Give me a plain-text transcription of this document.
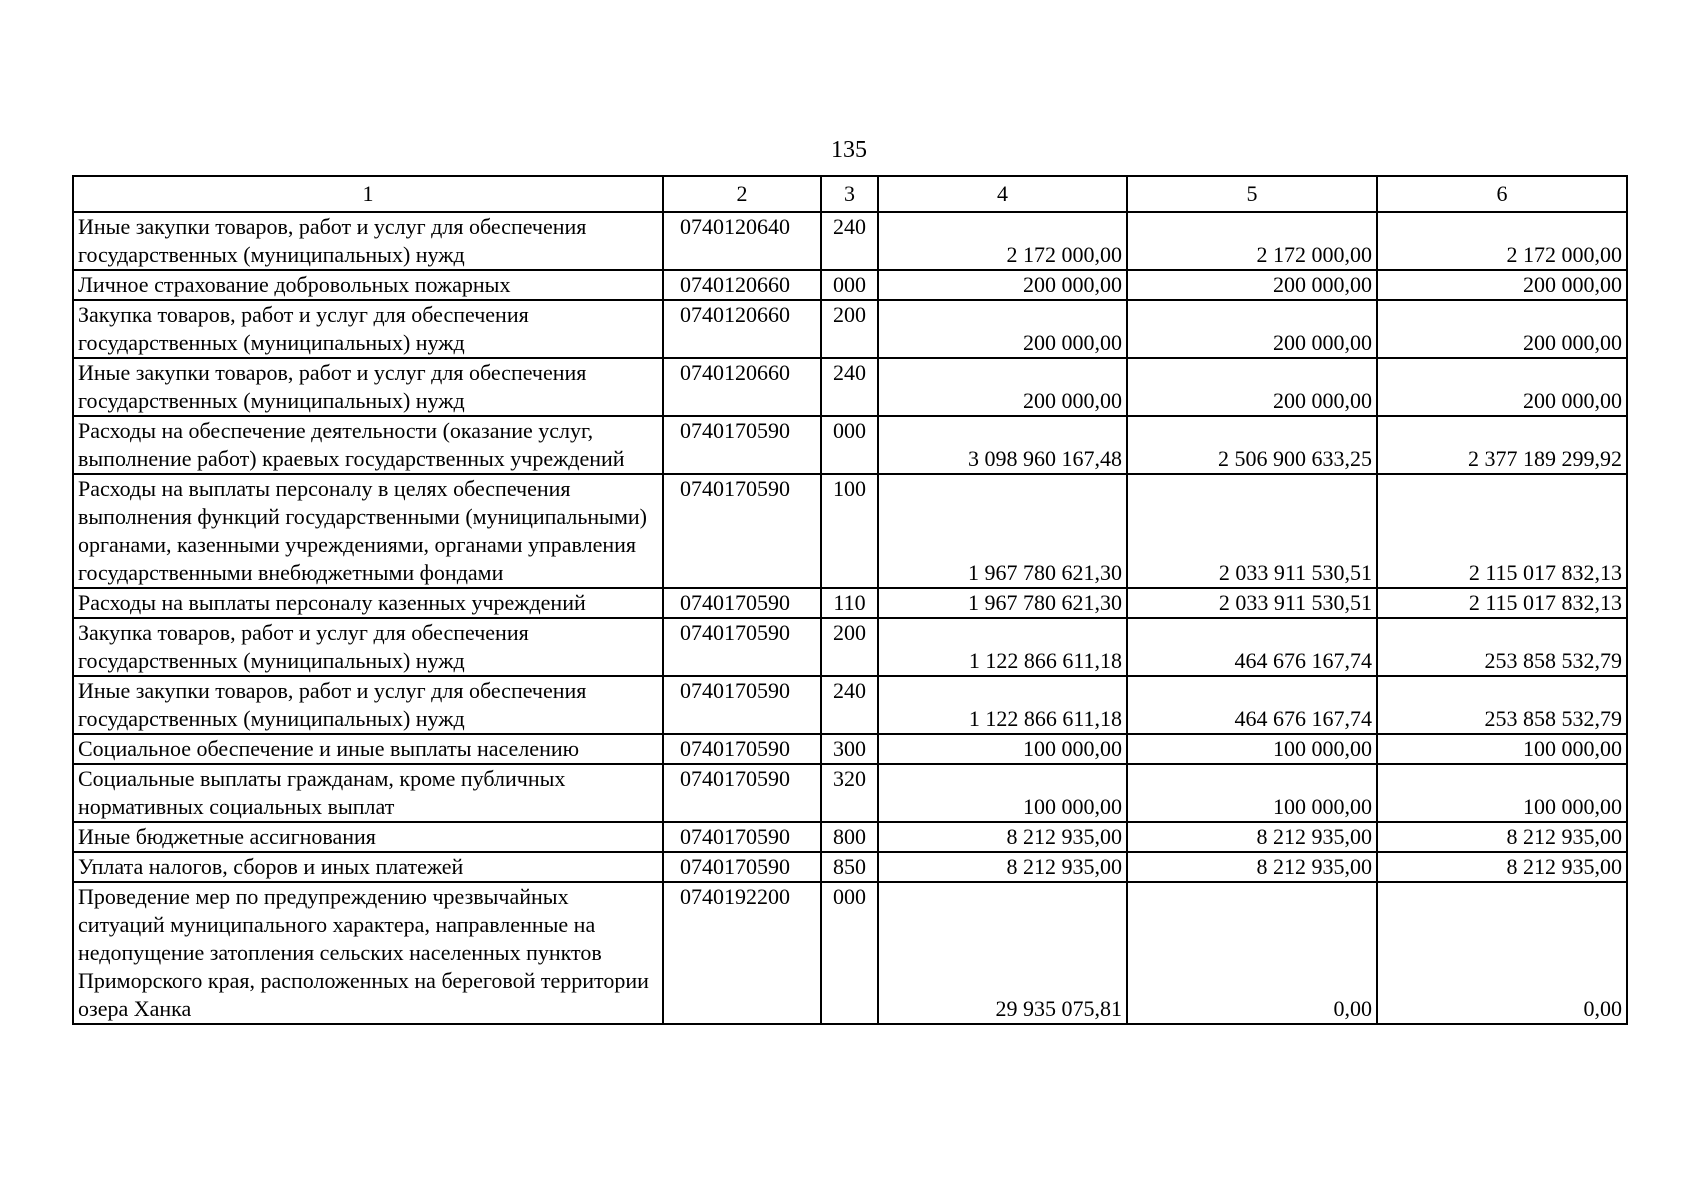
135
1	2	3	4	5	6
Иные закупки товаров, работ и услуг для обеспечения государственных (муниципальных) нужд	0740120640	240	2 172 000,00	2 172 000,00	2 172 000,00
Личное страхование добровольных пожарных	0740120660	000	200 000,00	200 000,00	200 000,00
Закупка товаров, работ и услуг для обеспечения государственных (муниципальных) нужд	0740120660	200	200 000,00	200 000,00	200 000,00
Иные закупки товаров, работ и услуг для обеспечения государственных (муниципальных) нужд	0740120660	240	200 000,00	200 000,00	200 000,00
Расходы на обеспечение деятельности (оказание услуг, выполнение работ) краевых государственных учреждений	0740170590	000	3 098 960 167,48	2 506 900 633,25	2 377 189 299,92
Расходы на выплаты персоналу в целях обеспечения выполнения функций государственными (муниципальными) органами, казенными учреждениями, органами управления государственными внебюджетными фондами	0740170590	100	1 967 780 621,30	2 033 911 530,51	2 115 017 832,13
Расходы на выплаты персоналу казенных учреждений	0740170590	110	1 967 780 621,30	2 033 911 530,51	2 115 017 832,13
Закупка товаров, работ и услуг для обеспечения государственных (муниципальных) нужд	0740170590	200	1 122 866 611,18	464 676 167,74	253 858 532,79
Иные закупки товаров, работ и услуг для обеспечения государственных (муниципальных) нужд	0740170590	240	1 122 866 611,18	464 676 167,74	253 858 532,79
Социальное обеспечение и иные выплаты населению	0740170590	300	100 000,00	100 000,00	100 000,00
Социальные выплаты гражданам, кроме публичных нормативных социальных выплат	0740170590	320	100 000,00	100 000,00	100 000,00
Иные бюджетные ассигнования	0740170590	800	8 212 935,00	8 212 935,00	8 212 935,00
Уплата налогов, сборов и иных платежей	0740170590	850	8 212 935,00	8 212 935,00	8 212 935,00
Проведение мер по предупреждению чрезвычайных ситуаций муниципального характера, направленные на недопущение затопления сельских населенных пунктов Приморского края, расположенных на береговой территории озера Ханка	0740192200	000	29 935 075,81	0,00	0,00
